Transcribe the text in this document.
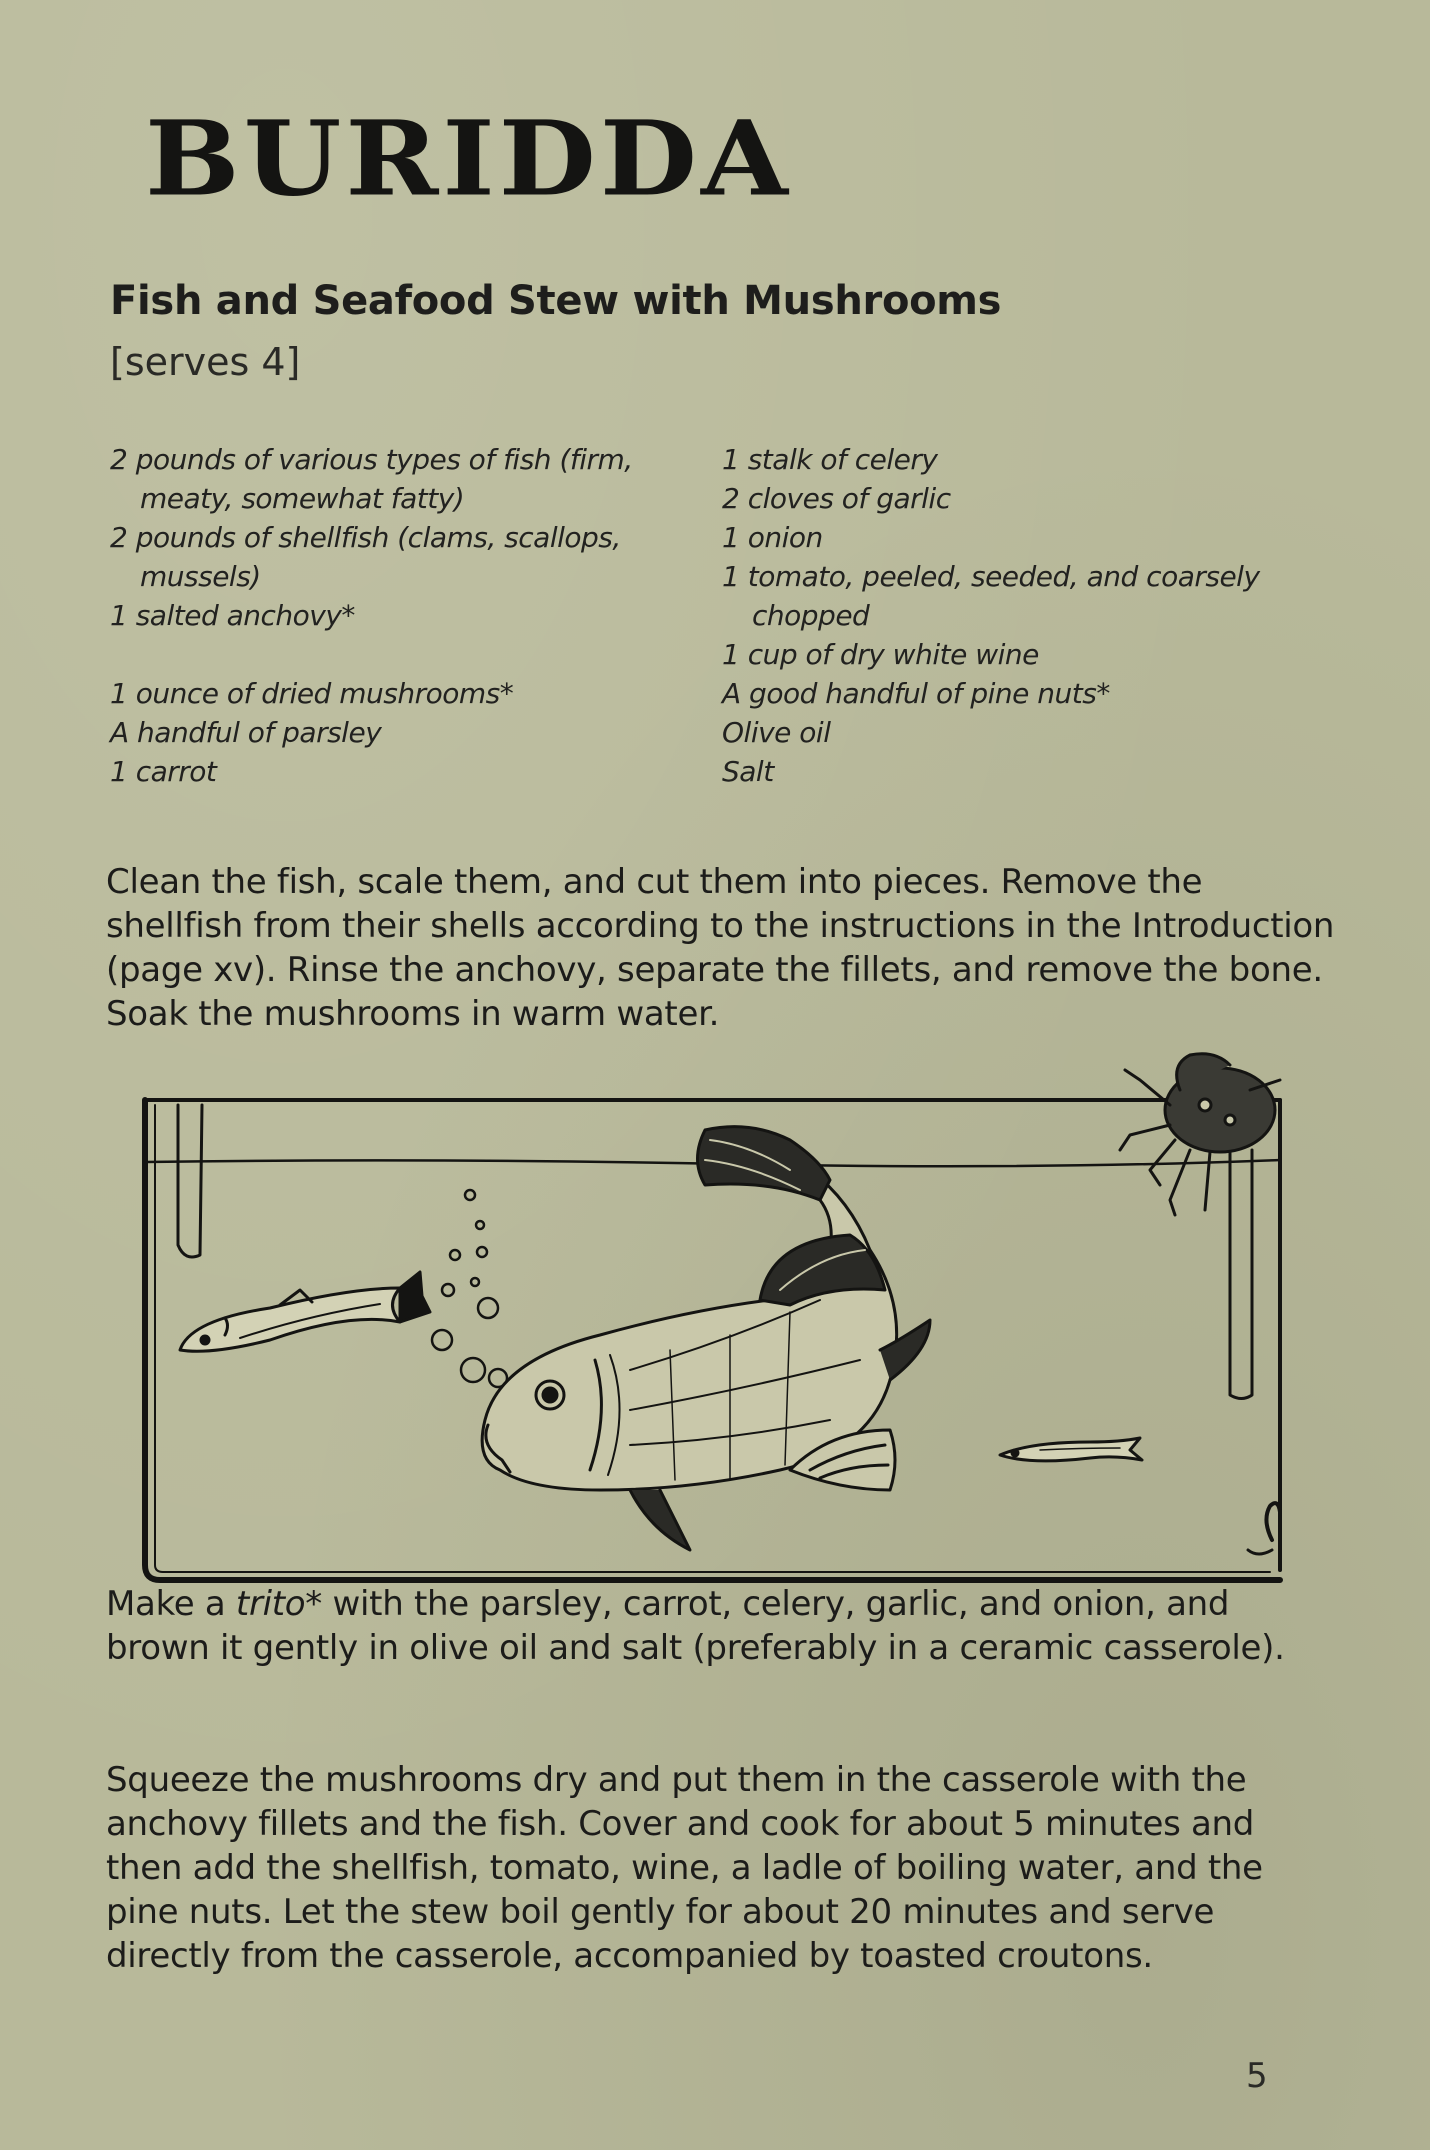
BURIDDA
Fish and Seafood Stew with Mushrooms
[serves 4]
2 pounds of various types of fish (firm, meaty, somewhat fatty)
2 pounds of shellfish (clams, scallops, mussels)
1 salted anchovy*
1 ounce of dried mushrooms*
A handful of parsley
1 carrot
1 stalk of celery
2 cloves of garlic
1 onion
1 tomato, peeled, seeded, and coarsely chopped
1 cup of dry white wine
A good handful of pine nuts*
Olive oil
Salt
Clean the fish, scale them, and cut them into pieces. Remove the shellfish from their shells according to the instructions in the Introduction (page xv). Rinse the anchovy, separate the fillets, and remove the bone. Soak the mushrooms in warm water.
Make a trito* with the parsley, carrot, celery, garlic, and onion, and brown it gently in olive oil and salt (preferably in a ceramic casserole).
Squeeze the mushrooms dry and put them in the casserole with the anchovy fillets and the fish. Cover and cook for about 5 minutes and then add the shellfish, tomato, wine, a ladle of boiling water, and the pine nuts. Let the stew boil gently for about 20 minutes and serve directly from the casserole, accompanied by toasted croutons.
5
